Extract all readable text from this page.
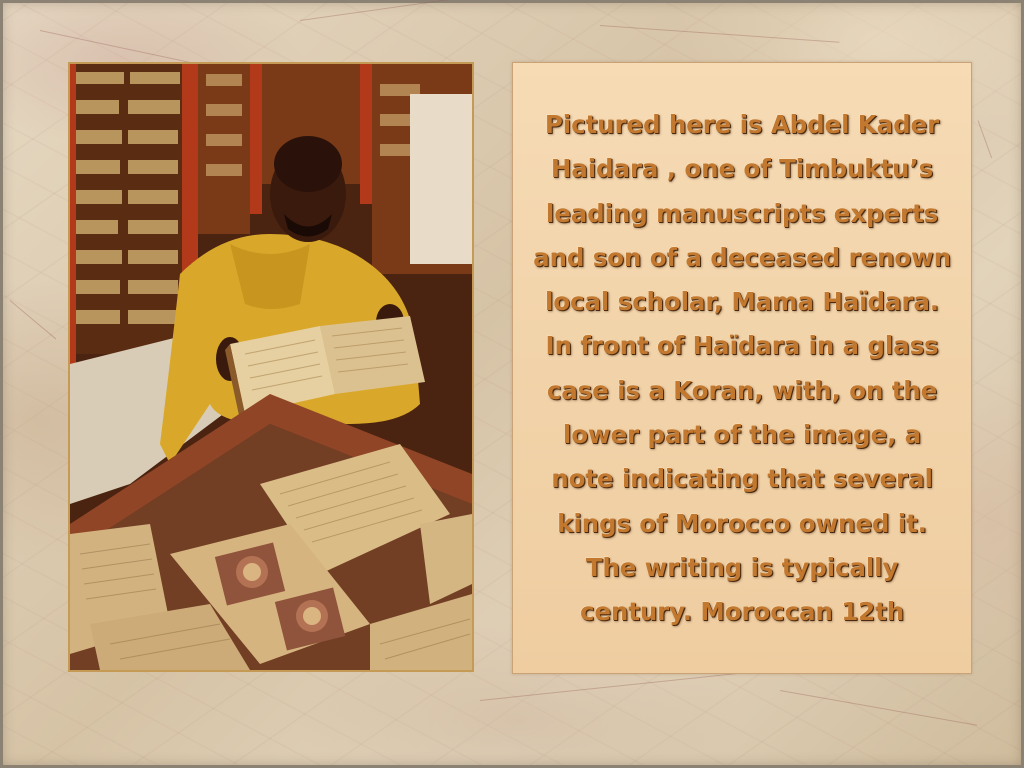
Pictured here is Abdel Kader
Haidara , one of Timbuktu’s
leading manuscripts experts
and son of a deceased renown
local scholar, Mama Haïdara.
In front of Haïdara in a glass
case is a Koran, with, on the
lower part of the image, a
note indicating that several
kings of Morocco owned it.
The writing is typically
century. Moroccan 12th
